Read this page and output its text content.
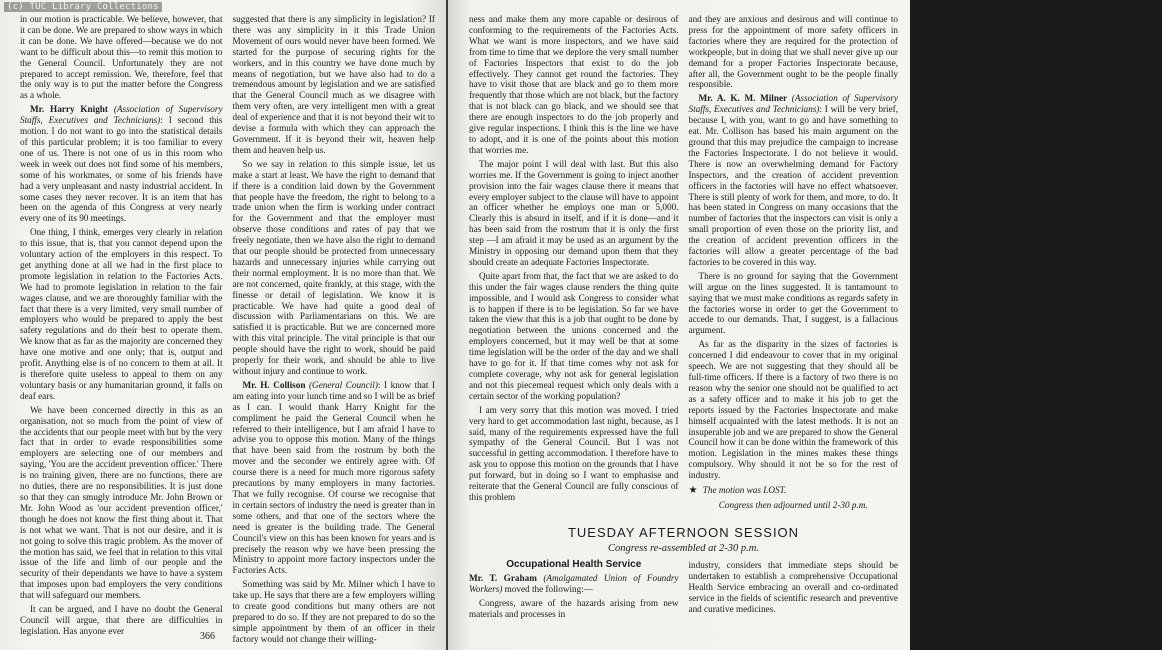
(c) TUC Library Collections

in our motion is practicable. We believe, however, that it can be done. We are prepared to show ways in which it can be done. We have offered—because we do not want to be difficult about this—to remit this motion to the General Council. Unfortunately they are not prepared to accept remission. We, therefore, feel that the only way is to put the matter before the Congress as a whole.

Mr. Harry Knight (Association of Supervisory Staffs, Executives and Technicians): I second this motion. I do not want to go into the statistical details of this particular problem; it is too familiar to every one of us. There is not one of us in this room who week in week out does not find some of his members, some of his workmates, or some of his friends have had a very unpleasant and nasty industrial accident. In some cases they never recover. It is an item that has been on the agenda of this Congress at very nearly every one of its 90 meetings.

One thing, I think, emerges very clearly in relation to this issue, that is, that you cannot depend upon the voluntary action of the employers in this respect. To get anything done at all we had in the first place to promote legislation in relation to the Factories Acts. We had to promote legislation in relation to the fair wages clause, and we are thoroughly familiar with the fact that there is a very limited, very small number of employers who would be prepared to apply the best safety regulations and do their best to operate them. We know that as far as the majority are concerned they have one motive and one only; that is, output and profit. Anything else is of no concern to them at all. It is therefore quite useless to appeal to them on any voluntary basis or any humanitarian ground, it falls on deaf ears.

We have been concerned directly in this as an organisation, not so much from the point of view of the accidents that our people meet with but by the very fact that in order to evade responsibilities some employers are selecting one of our members and saying, 'You are the accident prevention officer.' There is no training given, there are no functions, there are no duties, there are no responsibilities. It is just done so that they can smugly introduce Mr. John Brown or Mr. John Wood as 'our accident prevention officer,' though he does not know the first thing about it. That is not what we want. That is not our desire, and it is not going to solve this tragic problem. As the mover of the motion has said, we feel that in relation to this vital issue of the life and limb of our people and the security of their dependants we have to have a system that imposes upon bad employers the very conditions that will safeguard our members.

It can be argued, and I have no doubt the General Council will argue, that there are difficulties in legislation. Has anyone ever

suggested that there is any simplicity in legislation? If there was any simplicity in it this Trade Union Movement of ours would never have been formed. We started for the purpose of securing rights for the workers, and in this country we have done much by means of negotiation, but we have also had to do a tremendous amount by legislation and we are satisfied that the General Council much as we disagree with them very often, are very intelligent men with a great deal of experience and that it is not beyond their wit to devise a formula with which they can approach the Government. If it is beyond their wit, heaven help them and heaven help us.

So we say in relation to this simple issue, let us make a start at least. We have the right to demand that if there is a condition laid down by the Government that people have the freedom, the right to belong to a trade union when the firm is working under contract for the Government and that the employer must observe those conditions and rates of pay that we freely negotiate, then we have also the right to demand that our people should be protected from unnecessary hazards and unnecessary injuries while carrying out their normal employment. It is no more than that. We are not concerned, quite frankly, at this stage, with the finesse or detail of legislation. We know it is practicable. We have had quite a good deal of discussion with Parliamentarians on this. We are satisfied it is practicable. But we are concerned more with this vital principle. The vital principle is that our people should have the right to work, should be paid properly for their work, and should be able to live without injury and continue to work.

Mr. H. Collison (General Council): I know that I am eating into your lunch time and so I will be as brief as I can. I would thank Harry Knight for the compliment he paid the General Council when he referred to their intelligence, but I am afraid I have to advise you to oppose this motion. Many of the things that have been said from the rostrum by both the mover and the seconder we entirely agree with. Of course there is a need for much more rigorous safety precautions by many employers in many factories. That we fully recognise. Of course we recognise that in certain sectors of industry the need is greater than in some others, and that one of the sectors where the need is greater is the building trade. The General Council's view on this has been known for years and is precisely the reason why we have been pressing the Ministry to appoint more factory inspectors under the Factories Acts.

Something was said by Mr. Milner which I have to take up. He says that there are a few employers willing to create good conditions but many others are not prepared to do so. If they are not prepared to do so the simple appointment by them of an officer in their factory would not change their willing-

366

ness and make them any more capable or desirous of conforming to the requirements of the Factories Acts. What we want is more inspectors, and we have said from time to time that we deplore the very small number of Factories Inspectors that exist to do the job effectively. They cannot get round the factories. They have to visit those that are black and go to them more frequently that those which are not black, but the factory that is not black can go black, and we should see that there are enough inspectors to do the job properly and give regular inspections. I think this is the line we have to adopt, and it is one of the points about this motion that worries me.

The major point I will deal with last. But this also worries me. If the Government is going to inject another provision into the fair wages clause there it means that every employer subject to the clause will have to appoint an officer whether he employs one man or 5,000. Clearly this is absurd in itself, and if it is done—and it has been said from the rostrum that it is only the first step —I am afraid it may be used as an argument by the Ministry in opposing our demand upon them that they should create an adequate Factories Inspectorate.

Quite apart from that, the fact that we are asked to do this under the fair wages clause renders the thing quite impossible, and I would ask Congress to consider what is to happen if there is to be legislation. So far we have taken the view that this is a job that ought to be done by negotiation between the unions concerned and the employers concerned, but it may well be that at some time legislation will be the order of the day and we shall have to go for it. If that time comes why not ask for complete coverage, why not ask for general legislation and not this piecemeal request which only deals with a certain sector of the working population?

I am very sorry that this motion was moved. I tried very hard to get accommodation last night, because, as I said, many of the requirements expressed have the full sympathy of the General Council. But I was not successful in getting accommodation. I therefore have to ask you to oppose this motion on the grounds that I have put forward, but in doing so I want to emphasise and reiterate that the General Council are fully conscious of this problem

and they are anxious and desirous and will continue to press for the appointment of more safety officers in factories where they are required for the protection of workpeople, but in doing that we shall never give up our demand for a proper Factories Inspectorate because, after all, the Government ought to be the people finally responsible.

Mr. A. K. M. Milner (Association of Supervisory Staffs, Executives and Technicians): I will be very brief, because I, with you, want to go and have something to eat. Mr. Collison has based his main argument on the ground that this may prejudice the campaign to increase the Factories Inspectorate. I do not believe it would. There is now an overwhelming demand for Factory Inspectors, and the creation of accident prevention officers in the factories will have no effect whatsoever. There is still plenty of work for them, and more, to do. It has been stated in Congress on many occasions that the number of factories that the inspectors can visit is only a small proportion of even those on the priority list, and the creation of accident prevention officers in the factories will allow a greater percentage of the bad factories to be covered in this way.

There is no ground for saying that the Government will argue on the lines suggested. It is tantamount to saying that we must make conditions as regards safety in the factories worse in order to get the Government to accede to our demands. That, I suggest, is a fallacious argument.

As far as the disparity in the sizes of factories is concerned I did endeavour to cover that in my original speech. We are not suggesting that they should all be full-time officers. If there is a factory of two there is no reason why the senior one should not be qualified to act as a safety officer and to make it his job to get the reports issued by the Factories Inspectorate and make himself acquainted with the latest methods. It is not an insuperable job and we are prepared to show the General Council how it can be done within the framework of this motion. Legislation in the mines makes these things compulsory. Why should it not be so for the rest of industry.

★ The motion was LOST.

Congress then adjourned until 2-30 p.m.

TUESDAY AFTERNOON SESSION
Congress re-assembled at 2-30 p.m.
Occupational Health Service

Mr. T. Graham (Amalgamated Union of Foundry Workers) moved the following:—

Congress, aware of the hazards arising from new materials and processes in

industry, considers that immediate steps should be undertaken to establish a comprehensive Occupational Health Service embracing an overall and co-ordinated service in the fields of scientific research and preventive and curative medicines.

367
